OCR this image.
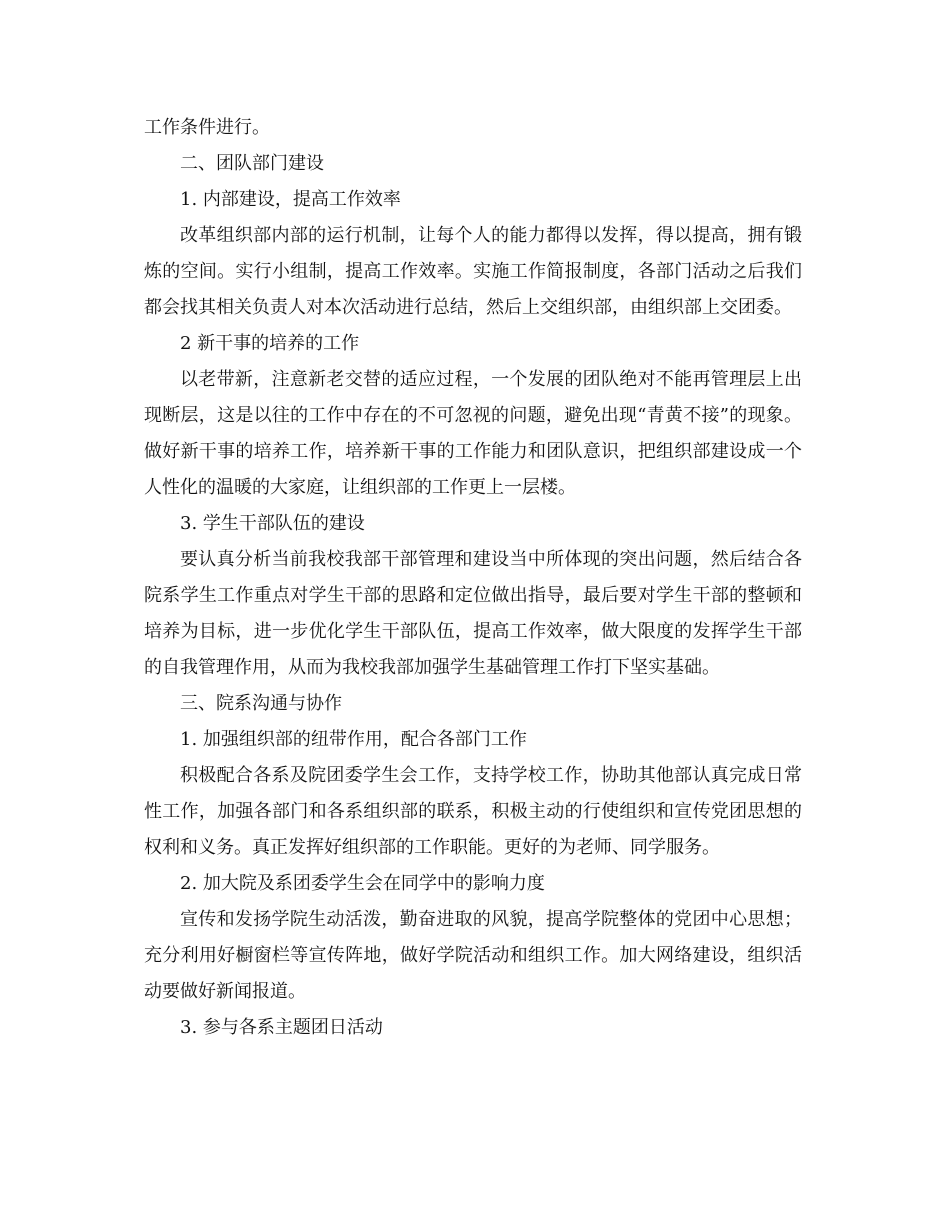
工作条件进行。

二、团队部门建设

1. 内部建设，提高工作效率

改革组织部内部的运行机制，让每个人的能力都得以发挥，得以提高，拥有锻炼的空间。实行小组制，提高工作效率。实施工作简报制度，各部门活动之后我们都会找其相关负责人对本次活动进行总结，然后上交组织部，由组织部上交团委。

2 新干事的培养的工作

以老带新，注意新老交替的适应过程，一个发展的团队绝对不能再管理层上出现断层，这是以往的工作中存在的不可忽视的问题，避免出现“青黄不接”的现象。做好新干事的培养工作，培养新干事的工作能力和团队意识，把组织部建设成一个人性化的温暖的大家庭，让组织部的工作更上一层楼。

3. 学生干部队伍的建设

要认真分析当前我校我部干部管理和建设当中所体现的突出问题，然后结合各院系学生工作重点对学生干部的思路和定位做出指导，最后要对学生干部的整顿和培养为目标，进一步优化学生干部队伍，提高工作效率，做大限度的发挥学生干部的自我管理作用，从而为我校我部加强学生基础管理工作打下坚实基础。

三、院系沟通与协作

1. 加强组织部的纽带作用，配合各部门工作

积极配合各系及院团委学生会工作，支持学校工作，协助其他部认真完成日常性工作，加强各部门和各系组织部的联系，积极主动的行使组织和宣传党团思想的权利和义务。真正发挥好组织部的工作职能。更好的为老师、同学服务。

2. 加大院及系团委学生会在同学中的影响力度

宣传和发扬学院生动活泼，勤奋进取的风貌，提高学院整体的党团中心思想；充分利用好橱窗栏等宣传阵地，做好学院活动和组织工作。加大网络建设，组织活动要做好新闻报道。

3. 参与各系主题团日活动
